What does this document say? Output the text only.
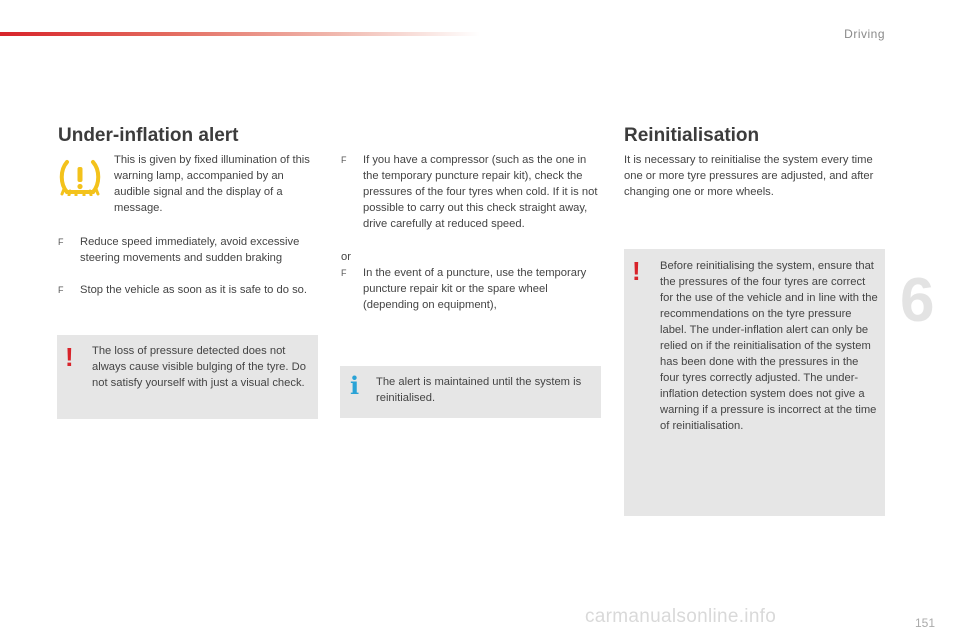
Driving
Under-inflation alert

This is given by fixed illumination of this warning lamp, accompanied by an audible signal and the display of a message.

F	Reduce speed immediately, avoid excessive steering movements and sudden braking
F	Stop the vehicle as soon as it is safe to do so.
! The loss of pressure detected does not always cause visible bulging of the tyre. Do not satisfy yourself with just a visual check.

F	If you have a compressor (such as the one in the temporary puncture repair kit), check the pressures of the four tyres when cold. If it is not possible to carry out this check straight away, drive carefully at reduced speed.

or

F	In the event of a puncture, use the temporary puncture repair kit or the spare wheel (depending on equipment),
i The alert is maintained until the system is reinitialised.

Reinitialisation

It is necessary to reinitialise the system every time one or more tyre pressures are adjusted, and after changing one or more wheels.

! Before reinitialising the system, ensure that the pressures of the four tyres are correct for the use of the vehicle and in line with the recommendations on the tyre pressure label. The under-inflation alert can only be relied on if the reinitialisation of the system has been done with the pressures in the four tyres correctly adjusted. The under-inflation detection system does not give a warning if a pressure is incorrect at the time of reinitialisation.

6
carmanualsonline.info	151
